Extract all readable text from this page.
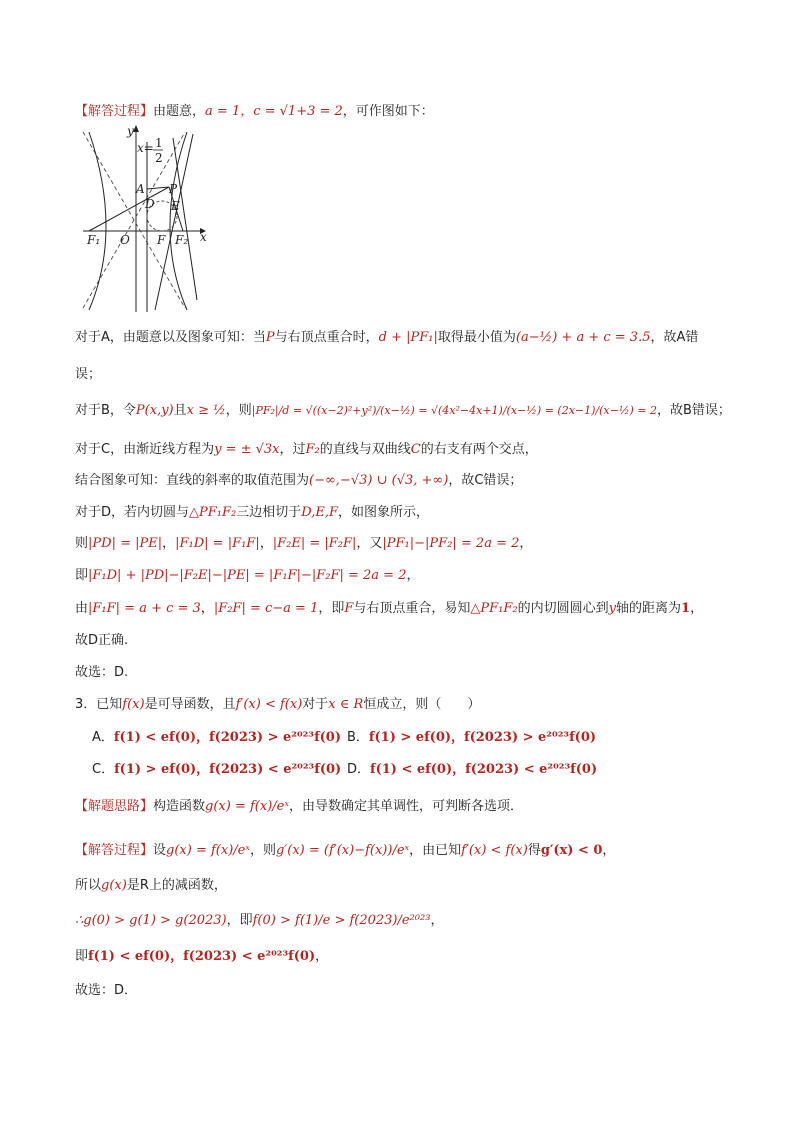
【解答过程】由题意，a = 1，c = √1+3 = 2，可作图如下：
y
x
x= 1
2
A P
D E
F₁ O F F₂
对于A，由题意以及图象可知：当P与右顶点重合时，d + |PF₁|取得最小值为(a−½) + a + c = 3.5，故A错
误；
对于B，令P(x,y)且x ≥ ½，则|PF₂|/d = √((x−2)²+y²)/(x−½) = √(4x²−4x+1)/(x−½) = (2x−1)/(x−½) = 2，故B错误；
对于C，由渐近线方程为y = ± √3x，过F₂的直线与双曲线C的右支有两个交点，
结合图象可知：直线的斜率的取值范围为(−∞,−√3) ∪ (√3, +∞)，故C错误；
对于D，若内切圆与△PF₁F₂三边相切于D,E,F，如图象所示，
则|PD| = |PE|，|F₁D| = |F₁F|，|F₂E| = |F₂F|，又|PF₁|−|PF₂| = 2a = 2，
即|F₁D| + |PD|−|F₂E|−|PE| = |F₁F|−|F₂F| = 2a = 2，
由|F₁F| = a + c = 3，|F₂F| = c−a = 1，即F与右顶点重合，易知△PF₁F₂的内切圆圆心到y轴的距离为1，
故D正确.
故选：D.
3．已知f(x)是可导函数，且f′(x) < f(x)对于x ∈ R恒成立，则（　　）
A．f(1) < ef(0)，f(2023) > e²⁰²³f(0) B．f(1) > ef(0)，f(2023) > e²⁰²³f(0)
C．f(1) > ef(0)，f(2023) < e²⁰²³f(0) D．f(1) < ef(0)，f(2023) < e²⁰²³f(0)
【解题思路】构造函数g(x) = f(x)/eˣ，由导数确定其单调性，可判断各选项．
【解答过程】设g(x) = f(x)/eˣ，则g′(x) = (f′(x)−f(x))/eˣ，由已知f′(x) < f(x)得g′(x) < 0，
所以g(x)是R上的减函数，
∴g(0) > g(1) > g(2023)，即f(0) > f(1)/e > f(2023)/e²⁰²³，
即f(1) < ef(0)，f(2023) < e²⁰²³f(0)，
故选：D．
